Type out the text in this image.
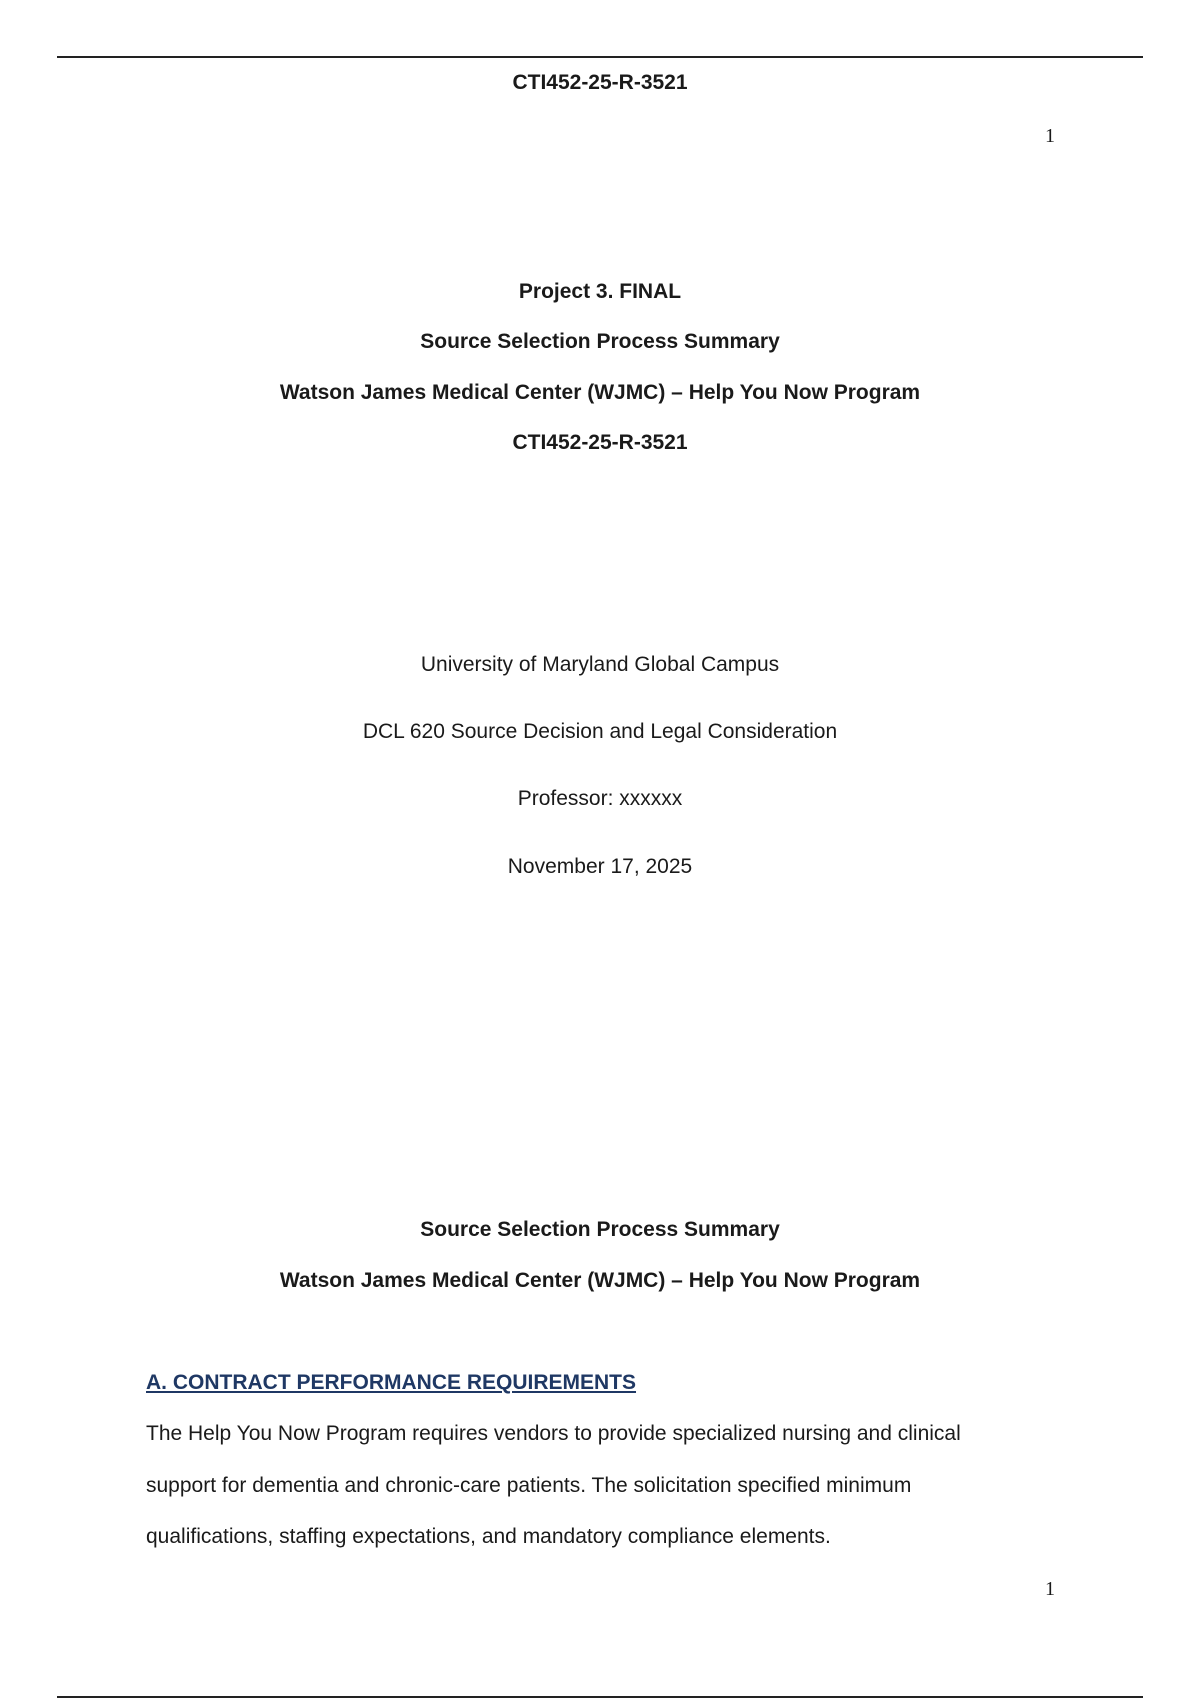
CTI452-25-R-3521
1
Project 3. FINAL
Source Selection Process Summary
Watson James Medical Center (WJMC) – Help You Now Program
CTI452-25-R-3521
University of Maryland Global Campus
DCL 620 Source Decision and Legal Consideration
Professor: xxxxxx
November 17, 2025
Source Selection Process Summary
Watson James Medical Center (WJMC) – Help You Now Program
A. CONTRACT PERFORMANCE REQUIREMENTS
The Help You Now Program requires vendors to provide specialized nursing and clinical
support for dementia and chronic-care patients. The solicitation specified minimum
qualifications, staffing expectations, and mandatory compliance elements.
1
